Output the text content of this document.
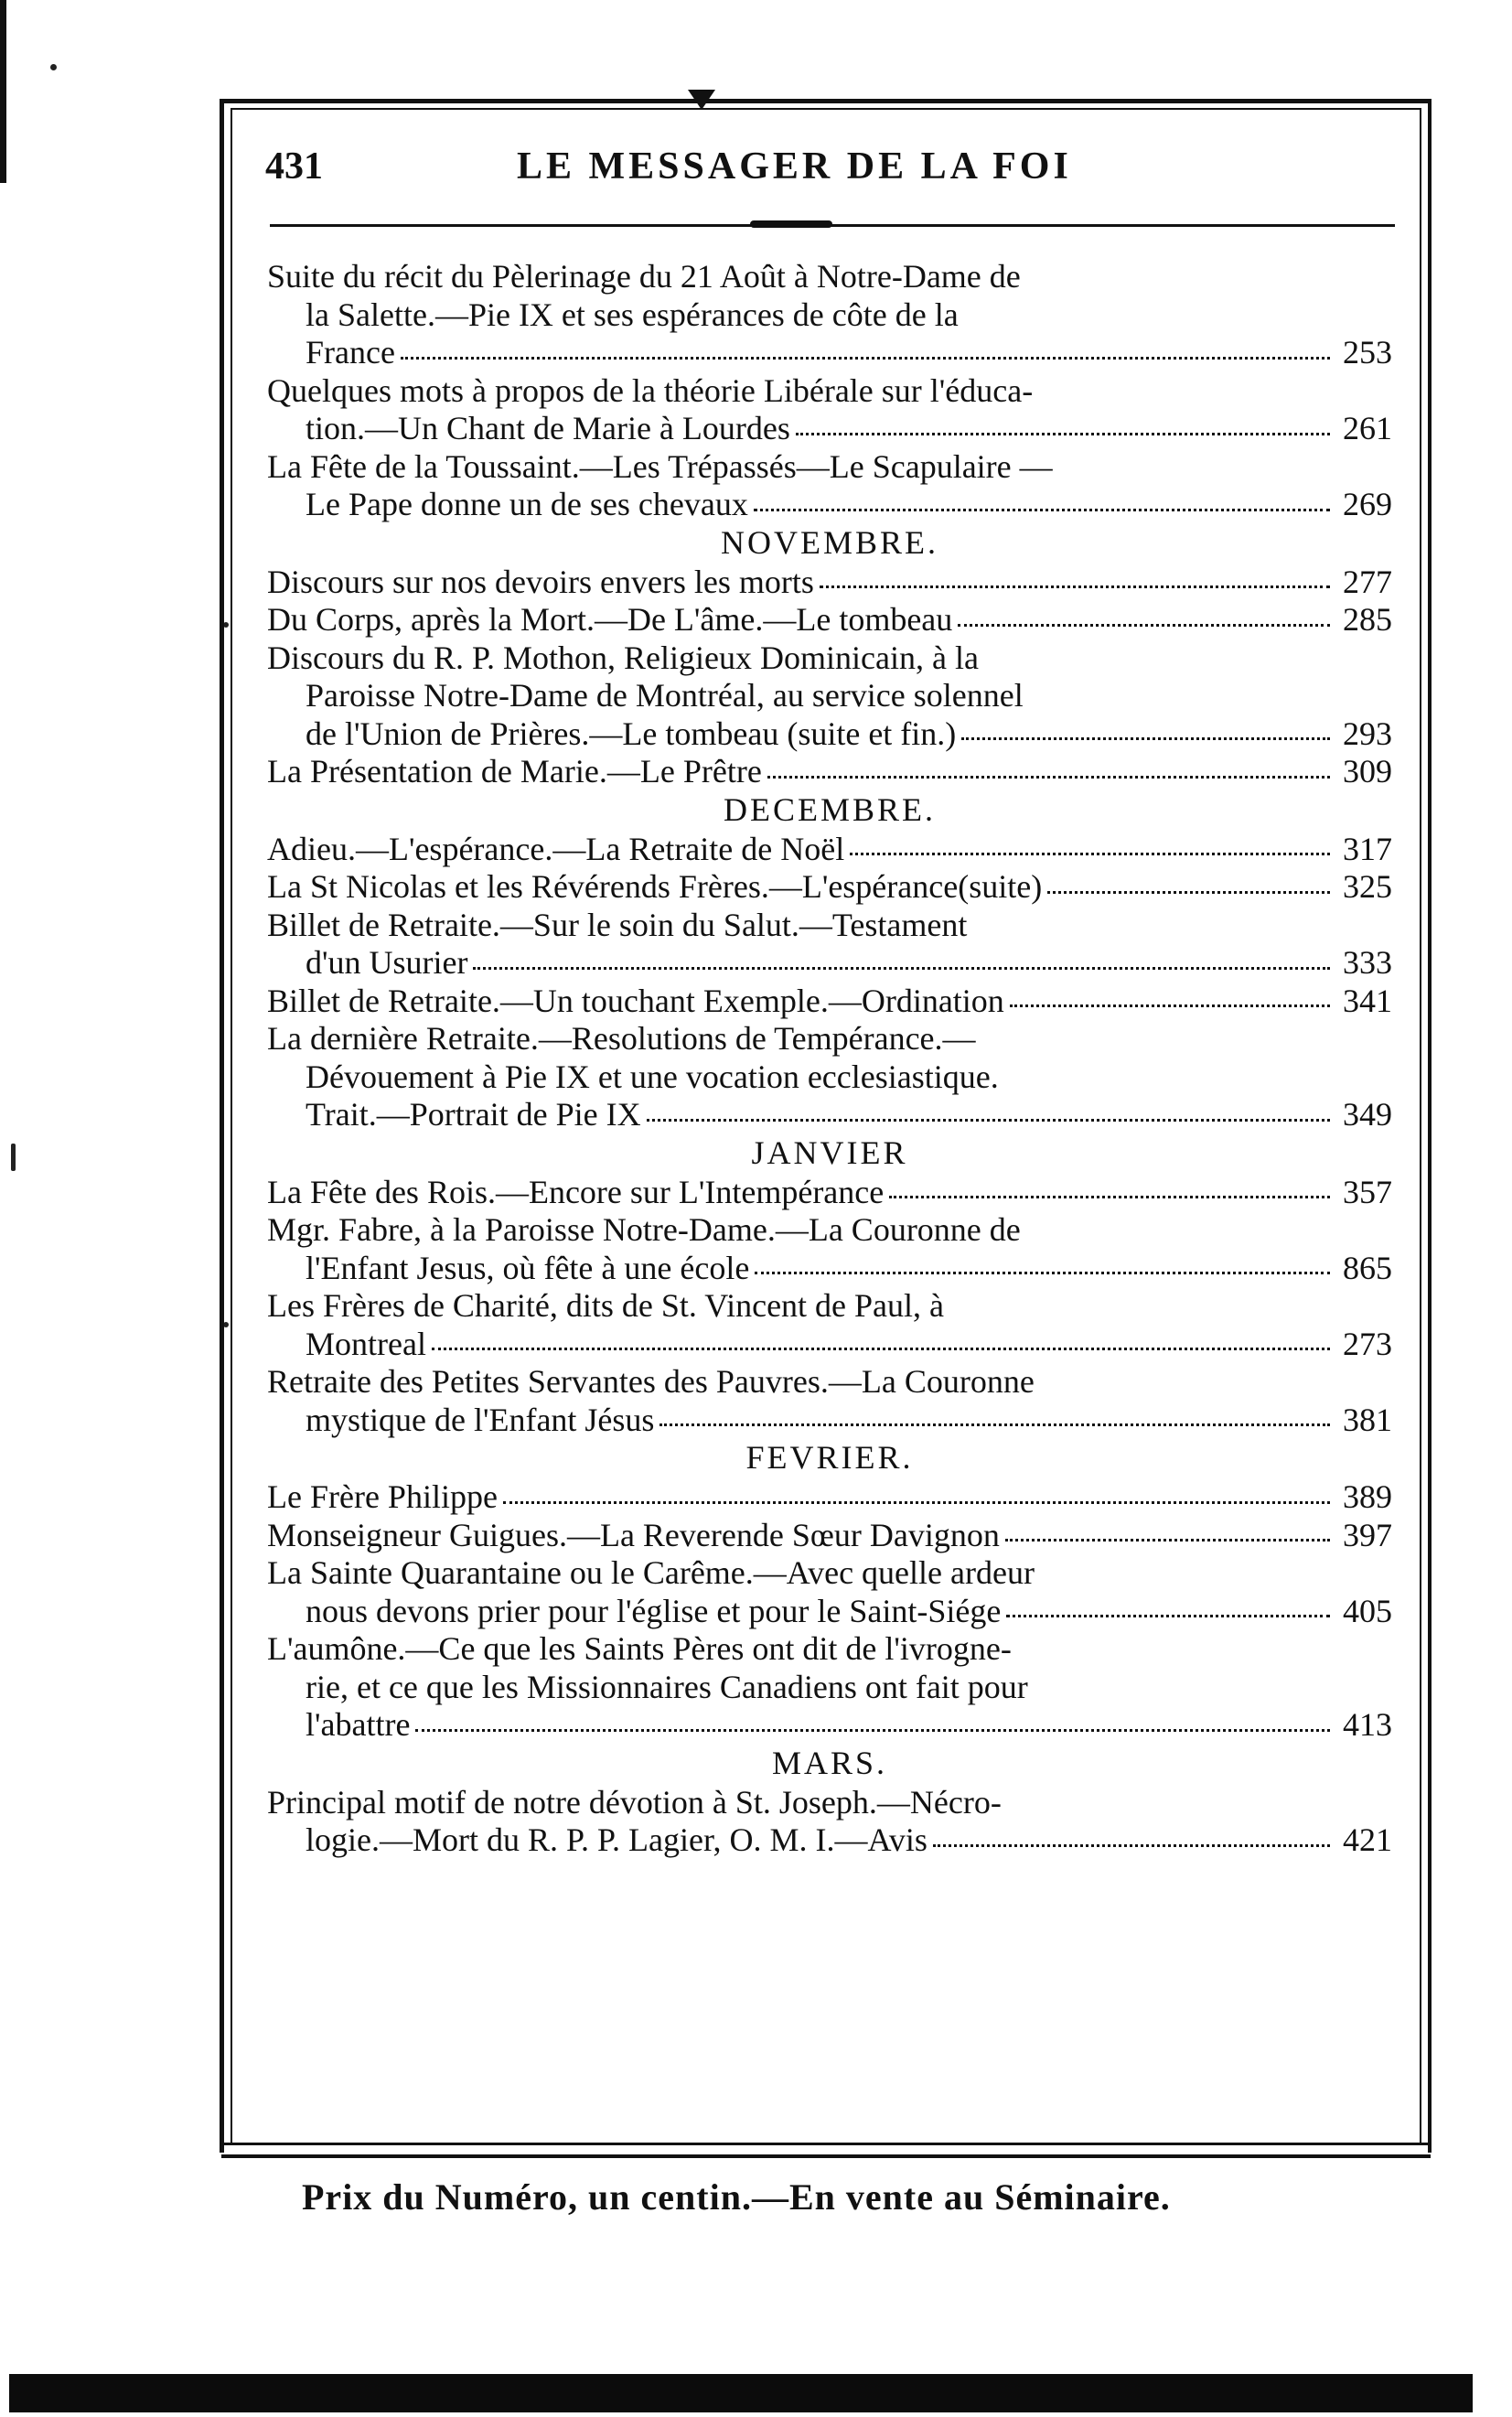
431	LE MESSAGER DE LA FOI
Suite du récit du Pèlerinage du 21 Août à Notre-Dame de
la Salette.—Pie IX et ses espérances de côte de la
France	253
Quelques mots à propos de la théorie Libérale sur l'éduca-
tion.—Un Chant de Marie à Lourdes	261
La Fête de la Toussaint.—Les Trépassés—Le Scapulaire —
Le Pape donne un de ses chevaux	269
NOVEMBRE.
Discours sur nos devoirs envers les morts	277
Du Corps, après la Mort.—De L'âme.—Le tombeau	285
Discours du R. P. Mothon, Religieux Dominicain, à la
Paroisse Notre-Dame de Montréal, au service solennel
de l'Union de Prières.—Le tombeau (suite et fin.)	293
La Présentation de Marie.—Le Prêtre	309
DECEMBRE.
Adieu.—L'espérance.—La Retraite de Noël	317
La St Nicolas et les Révérends Frères.—L'espérance(suite)	325
Billet de Retraite.—Sur le soin du Salut.—Testament
d'un Usurier	333
Billet de Retraite.—Un touchant Exemple.—Ordination	341
La dernière Retraite.—Resolutions de Tempérance.—
Dévouement à Pie IX et une vocation ecclesiastique.
Trait.—Portrait de Pie IX	349
JANVIER
La Fête des Rois.—Encore sur L'Intempérance	357
Mgr. Fabre, à la Paroisse Notre-Dame.—La Couronne de
l'Enfant Jesus, où fête à une école	865
Les Frères de Charité, dits de St. Vincent de Paul, à
Montreal	273
Retraite des Petites Servantes des Pauvres.—La Couronne
mystique de l'Enfant Jésus	381
FEVRIER.
Le Frère Philippe	389
Monseigneur Guigues.—La Reverende Sœur Davignon	397
La Sainte Quarantaine ou le Carême.—Avec quelle ardeur
nous devons prier pour l'église et pour le Saint-Siége	405
L'aumône.—Ce que les Saints Pères ont dit de l'ivrogne-
rie, et ce que les Missionnaires Canadiens ont fait pour
l'abattre	413
MARS.
Principal motif de notre dévotion à St. Joseph.—Nécro-
logie.—Mort du R. P. P. Lagier, O. M. I.—Avis	421
Prix du Numéro, un centin.—En vente au Séminaire.
